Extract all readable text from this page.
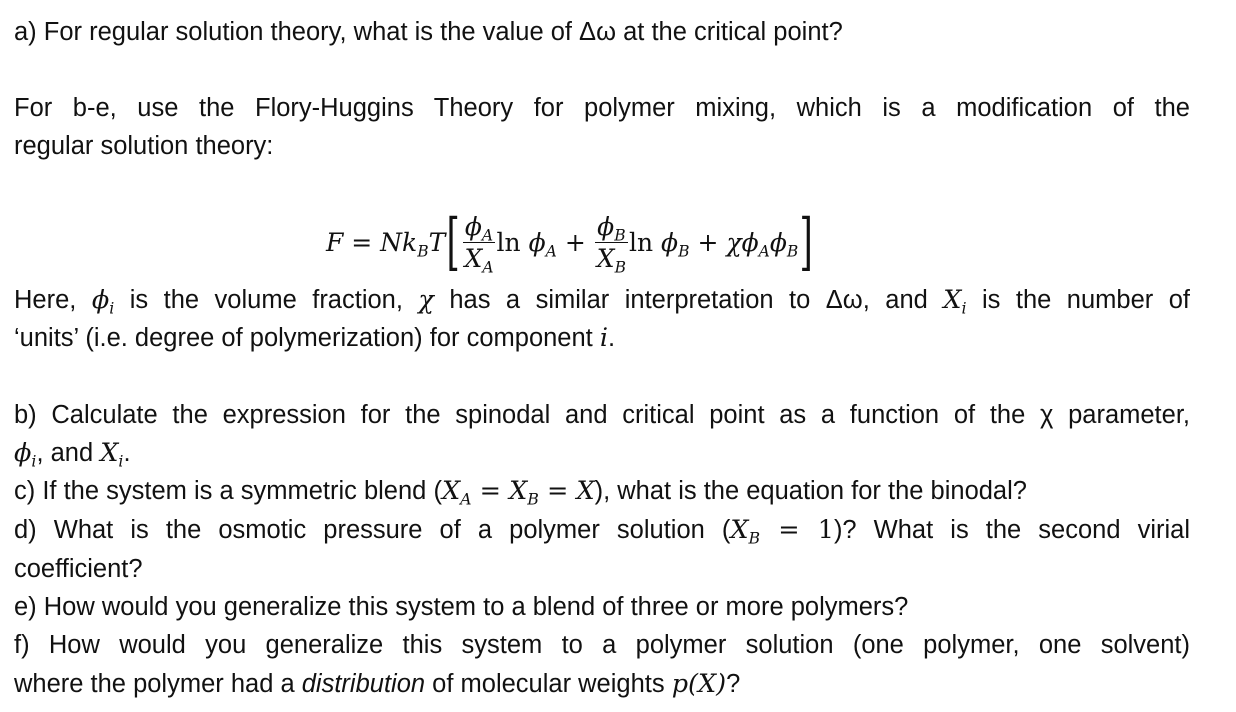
a) For regular solution theory, what is the value of Δω at the critical point?
For b-e, use the Flory-Huggins Theory for polymer mixing, which is a modification of the
regular solution theory:
$F = Nk_BT$ [ $\frac{\phi_A}{X_A}$ $\ln \phi_A + \frac{\phi_B}{X_B}$ $\ln \phi_B + \chi\phi_A\phi_B$ ]
Here, $\phi_i$ is the volume fraction, χ has a similar interpretation to Δω, and $X_i$ is the number of
‘units’ (i.e. degree of polymerization) for component i.
b) Calculate the expression for the spinodal and critical point as a function of the χ parameter,
$\phi_i$, and $X_i$.
c) If the system is a symmetric blend $(X_A = X_B = X)$, what is the equation for the binodal?
d) What is the osmotic pressure of a polymer solution $(X_B = 1)$? What is the second virial
coefficient?
e) How would you generalize this system to a blend of three or more polymers?
f) How would you generalize this system to a polymer solution (one polymer, one solvent)
where the polymer had a distribution of molecular weights p(X)?
